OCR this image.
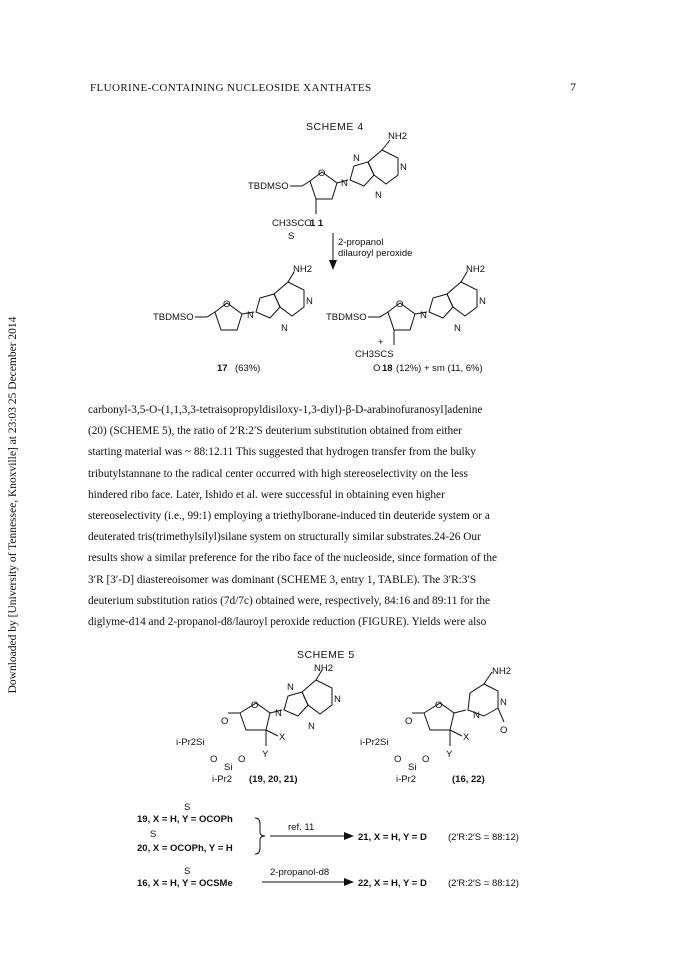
Downloaded by [University of Tennessee, Knoxville] at 23:03 25 December 2014
FLUORINE-CONTAINING NUCLEOSIDE XANTHATES	7
SCHEME 4
TBDMSO
O
NH2
N
N
N
N
CH3SCO
1 1
S
2-propanol
dilauroyl peroxide
TBDMSO
O
NH2
N
N
N
17 (63%)
TBDMSO
O
NH2
N
N
N
+
CH3SCS
O 18 (12%) + sm (11, 6%)

carbonyl-3,5-O-(1,1,3,3-tetraisopropyldisiloxy-1,3-diyl)-β-D-arabinofuranosyl]adenine

(20) (SCHEME 5), the ratio of 2′R:2′S deuterium substitution obtained from either

starting material was ~ 88:12.11 This suggested that hydrogen transfer from the bulky

tributylstannane to the radical center occurred with high stereoselectivity on the less

hindered ribo face. Later, Ishido et al. were successful in obtaining even higher

stereoselectivity (i.e., 99:1) employing a triethylborane-induced tin deuteride system or a

deuterated tris(trimethylsilyl)silane system on structurally similar substrates.24-26 Our

results show a similar preference for the ribo face of the nucleoside, since formation of the

3′R [3′-D] diastereoisomer was dominant (SCHEME 3, entry 1, TABLE). The 3′R:3′S

deuterium substitution ratios (7d/7c) obtained were, respectively, 84:16 and 89:11 for the

diglyme-d14 and 2-propanol-d8/lauroyl peroxide reduction (FIGURE). Yields were also

SCHEME 5
O
NH2
N
N
N
N
O
i-Pr2Si
O
Si
O
i-Pr2
X
Y
(19, 20, 21)
O
NH2
N
N
O
O
i-Pr2Si
O
Si
O
i-Pr2
X
Y
(16, 22)
S
19, X = H, Y = OCOPh
S
20, X = OCOPh, Y = H
ref. 11
21, X = H, Y = D (2′R:2′S = 88:12)
S
16, X = H, Y = OCSMe
2-propanol-d8
22, X = H, Y = D (2′R:2′S = 88:12)
